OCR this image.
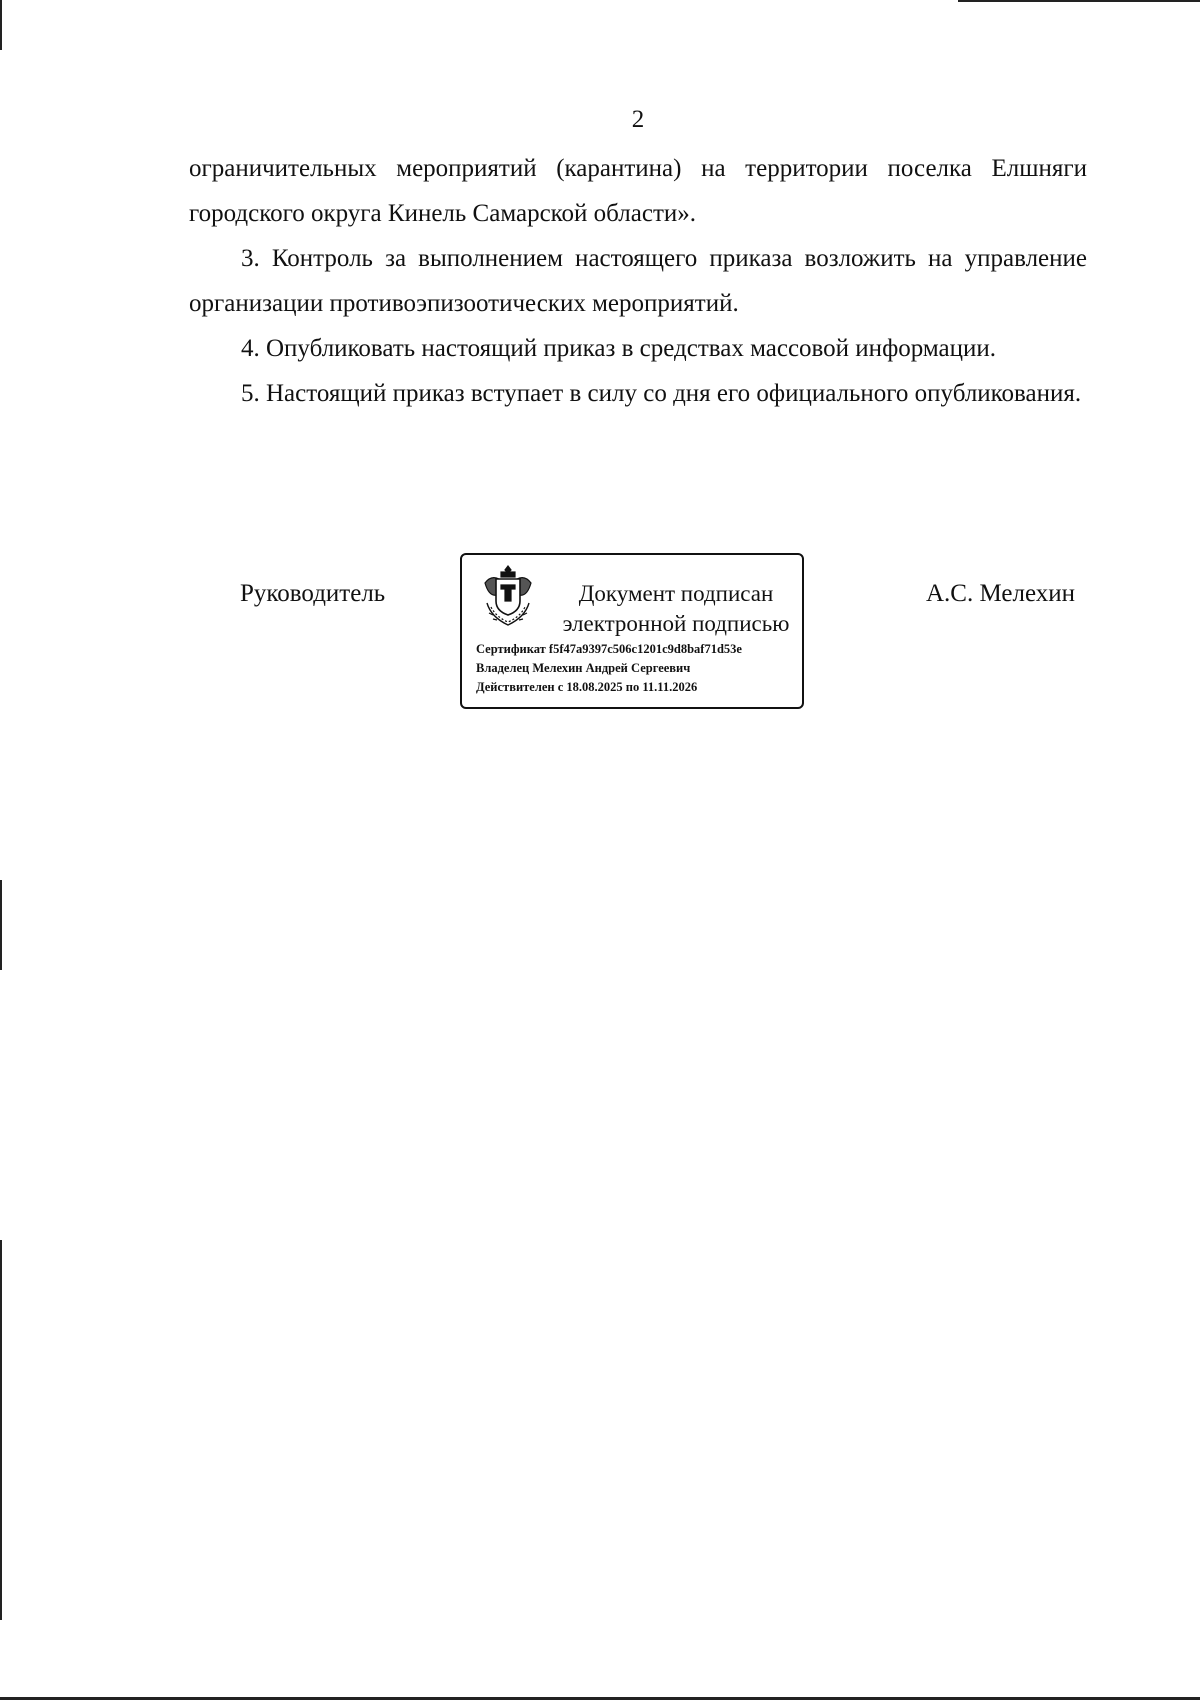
2

ограничительных мероприятий (карантина) на территории поселка Елшняги городского округа Кинель Самарской области».

3. Контроль за выполнением настоящего приказа возложить на управление организации противоэпизоотических мероприятий.

4. Опубликовать настоящий приказ в средствах массовой информации.

5. Настоящий приказ вступает в силу со дня его официального опубликования.

Руководитель	Документ подписан
электронной подписью
Сертификат f5f47a9397c506c1201c9d8baf71d53e
Владелец Мелехин Андрей Сергеевич
Действителен с 18.08.2025 по 11.11.2026
А.С. Мелехин
